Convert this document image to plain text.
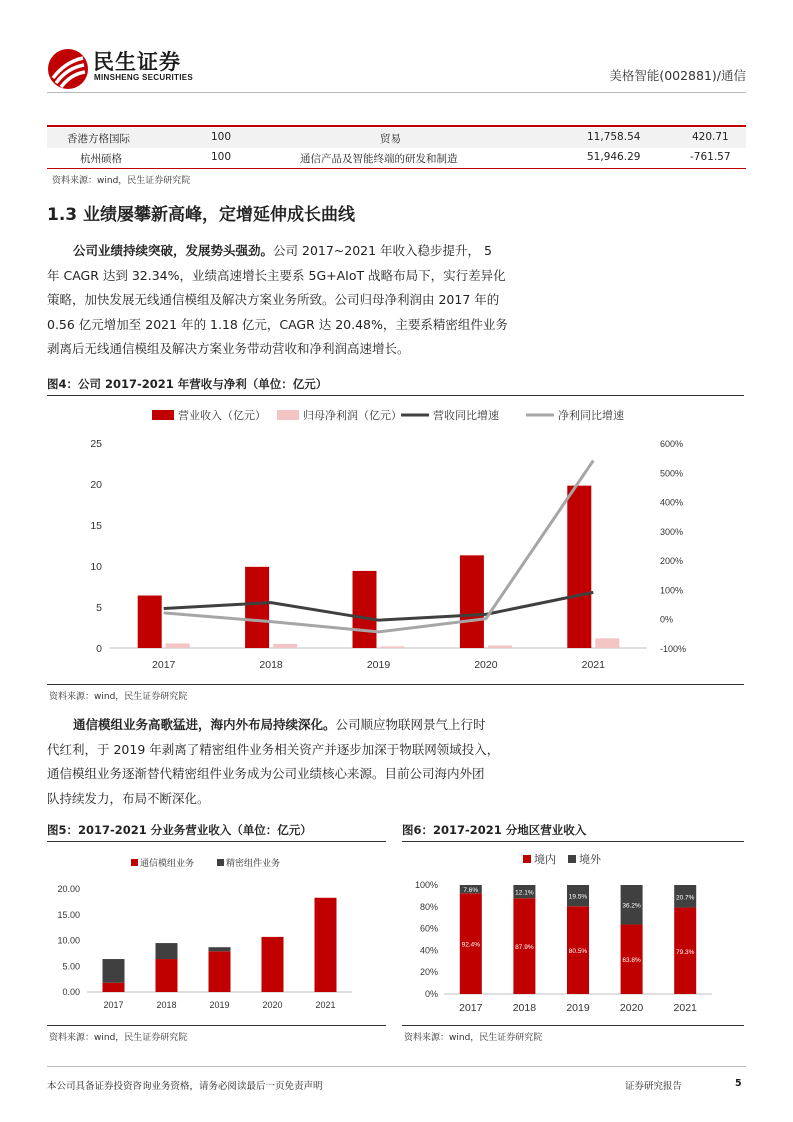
民生证券
MINSHENG SECURITIES	美格智能(002881)/通信
香港方格国际	100	贸易	11,758.54	420.71
杭州硕格	100	通信产品及智能终端的研发和制造	51,946.29	-761.57
资料来源：wind，民生证券研究院
1.3 业绩屡攀新高峰，定增延伸成长曲线
公司业绩持续突破，发展势头强劲。公司 2017~2021 年收入稳步提升， 5
年 CAGR 达到 32.34%，业绩高速增长主要系 5G+AIoT 战略布局下，实行差异化
策略，加快发展无线通信模组及解决方案业务所致。公司归母净利润由 2017 年的
0.56 亿元增加至 2021 年的 1.18 亿元，CAGR 达 20.48%，主要系精密组件业务
剥离后无线通信模组及解决方案业务带动营收和净利润高速增长。
图4：公司 2017-2021 年营收与净利（单位：亿元）
营业收入（亿元）	归母净利润（亿元）	营收同比增速	净利同比增速
25
20
15
10
5
0
600%
500%
400%
300%
200%
100%
0%
-100%
2017	2018	2019	2020	2021
资料来源：wind，民生证券研究院
通信模组业务高歌猛进，海内外布局持续深化。公司顺应物联网景气上行时
代红利，于 2019 年剥离了精密组件业务相关资产并逐步加深于物联网领域投入，
通信模组业务逐渐替代精密组件业务成为公司业绩核心来源。目前公司海内外团
队持续发力，布局不断深化。
图5：2017-2021 分业务营业收入（单位：亿元）
通信模组业务	精密组件业务
20.00
15.00
10.00
5.00
0.00
2017	2018	2019	2020	2021
资料来源：wind，民生证券研究院
图6：2017-2021 分地区营业收入
境内 境外
100%
80%
60%
40%
20%
0%
2017	2018	2019	2020	2021
92.4%
7.6%
87.9%
12.1%
80.5%
19.5%
63.8%
36.2%
79.3%
20.7%
资料来源：wind，民生证券研究院
本公司具备证券投资咨询业务资格，请务必阅读最后一页免责声明	证券研究报告	5
